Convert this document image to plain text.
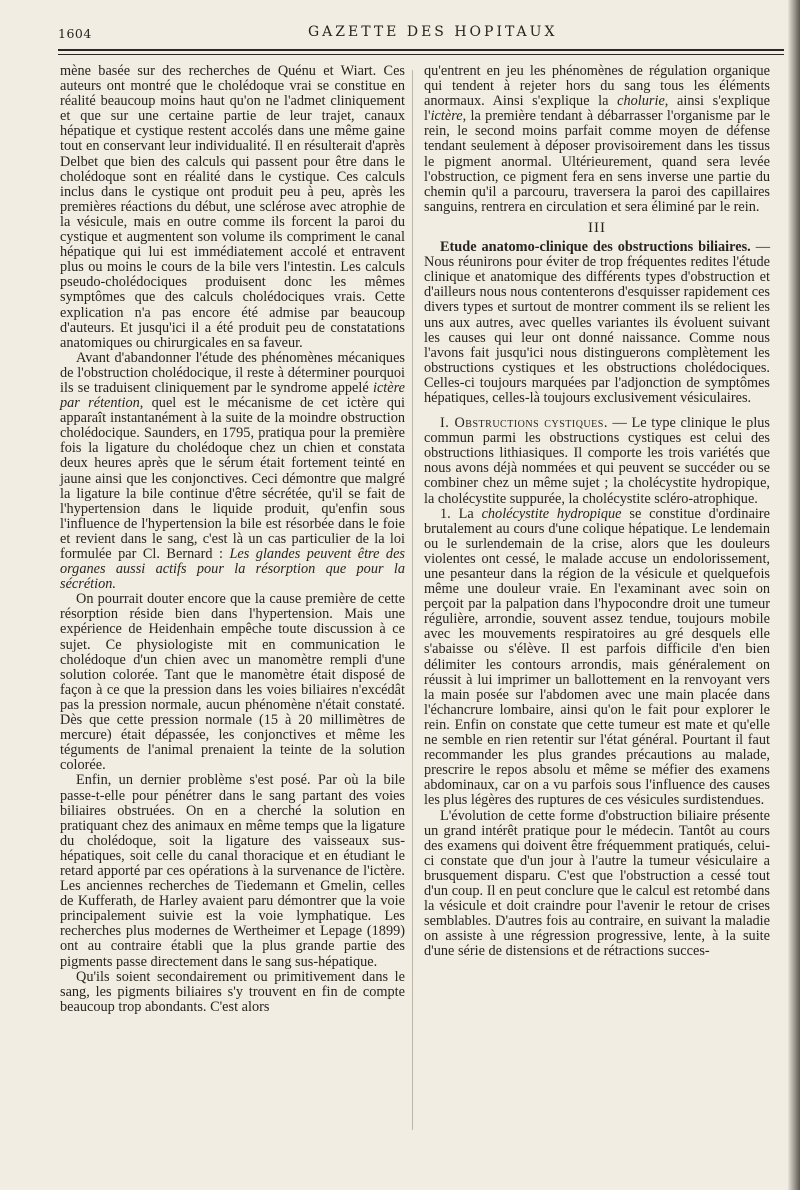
1604	GAZETTE DES HOPITAUX

mène basée sur des recherches de Quénu et Wiart. Ces auteurs ont montré que le cholédoque vrai se constitue en réalité beaucoup moins haut qu'on ne l'admet cliniquement et que sur une certaine partie de leur trajet, canaux hépatique et cystique restent accolés dans une même gaine tout en conservant leur individualité. Il en résulterait d'après Delbet que bien des calculs qui passent pour être dans le cholédoque sont en réalité dans le cystique. Ces calculs inclus dans le cystique ont produit peu à peu, après les premières réactions du début, une sclérose avec atrophie de la vésicule, mais en outre comme ils forcent la paroi du cystique et augmentent son volume ils compriment le canal hépatique qui lui est immédiatement accolé et entravent plus ou moins le cours de la bile vers l'intestin. Les calculs pseudo-cholédociques produisent donc les mêmes symptômes que des calculs cholédociques vrais. Cette explication n'a pas encore été admise par beaucoup d'auteurs. Et jusqu'ici il a été produit peu de constatations anatomiques ou chirurgicales en sa faveur.

Avant d'abandonner l'étude des phénomènes mécaniques de l'obstruction cholédocique, il reste à déterminer pourquoi ils se traduisent cliniquement par le syndrome appelé ictère par rétention, quel est le mécanisme de cet ictère qui apparaît instantanément à la suite de la moindre obstruction cholédocique. Saunders, en 1795, pratiqua pour la première fois la ligature du cholédoque chez un chien et constata deux heures après que le sérum était fortement teinté en jaune ainsi que les conjonctives. Ceci démontre que malgré la ligature la bile continue d'être sécrétée, qu'il se fait de l'hypertension dans le liquide produit, qu'enfin sous l'influence de l'hypertension la bile est résorbée dans le foie et revient dans le sang, c'est là un cas particulier de la loi formulée par Cl. Bernard : Les glandes peuvent être des organes aussi actifs pour la résorption que pour la sécrétion.

On pourrait douter encore que la cause première de cette résorption réside bien dans l'hypertension. Mais une expérience de Heidenhain empêche toute discussion à ce sujet. Ce physiologiste mit en communication le cholédoque d'un chien avec un manomètre rempli d'une solution colorée. Tant que le manomètre était disposé de façon à ce que la pression dans les voies biliaires n'excédât pas la pression normale, aucun phénomène n'était constaté. Dès que cette pression normale (15 à 20 millimètres de mercure) était dépassée, les conjonctives et même les téguments de l'animal prenaient la teinte de la solution colorée.

Enfin, un dernier problème s'est posé. Par où la bile passe-t-elle pour pénétrer dans le sang partant des voies biliaires obstruées. On en a cherché la solution en pratiquant chez des animaux en même temps que la ligature du cholédoque, soit la ligature des vaisseaux sus-hépatiques, soit celle du canal thoracique et en étudiant le retard apporté par ces opérations à la survenance de l'ictère. Les anciennes recherches de Tiedemann et Gmelin, celles de Kufferath, de Harley avaient paru démontrer que la voie principalement suivie est la voie lymphatique. Les recherches plus modernes de Wertheimer et Lepage (1899) ont au contraire établi que la plus grande partie des pigments passe directement dans le sang sus-hépatique.

Qu'ils soient secondairement ou primitivement dans le sang, les pigments biliaires s'y trouvent en fin de compte beaucoup trop abondants. C'est alors

qu'entrent en jeu les phénomènes de régulation organique qui tendent à rejeter hors du sang tous les éléments anormaux. Ainsi s'explique la cholurie, ainsi s'explique l'ictère, la première tendant à débarrasser l'organisme par le rein, le second moins parfait comme moyen de défense tendant seulement à déposer provisoirement dans les tissus le pigment anormal. Ultérieurement, quand sera levée l'obstruction, ce pigment fera en sens inverse une partie du chemin qu'il a parcouru, traversera la paroi des capillaires sanguins, rentrera en circulation et sera éliminé par le rein.

III

Etude anatomo-clinique des obstructions biliaires. — Nous réunirons pour éviter de trop fréquentes redites l'étude clinique et anatomique des différents types d'obstruction et d'ailleurs nous nous contenterons d'esquisser rapidement ces divers types et surtout de montrer comment ils se relient les uns aux autres, avec quelles variantes ils évoluent suivant les causes qui leur ont donné naissance. Comme nous l'avons fait jusqu'ici nous distinguerons complètement les obstructions cystiques et les obstructions cholédociques. Celles-ci toujours marquées par l'adjonction de symptômes hépatiques, celles-là toujours exclusivement vésiculaires.

I. Obstructions cystiques. — Le type clinique le plus commun parmi les obstructions cystiques est celui des obstructions lithiasiques. Il comporte les trois variétés que nous avons déjà nommées et qui peuvent se succéder ou se combiner chez un même sujet ; la cholécystite hydropique, la cholécystite suppurée, la cholécystite scléro-atrophique.

1. La cholécystite hydropique se constitue d'ordinaire brutalement au cours d'une colique hépatique. Le lendemain ou le surlendemain de la crise, alors que les douleurs violentes ont cessé, le malade accuse un endolorissement, une pesanteur dans la région de la vésicule et quelquefois même une douleur vraie. En l'examinant avec soin on perçoit par la palpation dans l'hypocondre droit une tumeur régulière, arrondie, souvent assez tendue, toujours mobile avec les mouvements respiratoires au gré desquels elle s'abaisse ou s'élève. Il est parfois difficile d'en bien délimiter les contours arrondis, mais généralement on réussit à lui imprimer un ballottement en la renvoyant vers la main posée sur l'abdomen avec une main placée dans l'échancrure lombaire, ainsi qu'on le fait pour explorer le rein. Enfin on constate que cette tumeur est mate et qu'elle ne semble en rien retentir sur l'état général. Pourtant il faut recommander les plus grandes précautions au malade, prescrire le repos absolu et même se méfier des examens abdominaux, car on a vu parfois sous l'influence des causes les plus légères des ruptures de ces vésicules surdistendues.

L'évolution de cette forme d'obstruction biliaire présente un grand intérêt pratique pour le médecin. Tantôt au cours des examens qui doivent être fréquemment pratiqués, celui-ci constate que d'un jour à l'autre la tumeur vésiculaire a brusquement disparu. C'est que l'obstruction a cessé tout d'un coup. Il en peut conclure que le calcul est retombé dans la vésicule et doit craindre pour l'avenir le retour de crises semblables. D'autres fois au contraire, en suivant la maladie on assiste à une régression progressive, lente, à la suite d'une série de distensions et de rétractions succes-
